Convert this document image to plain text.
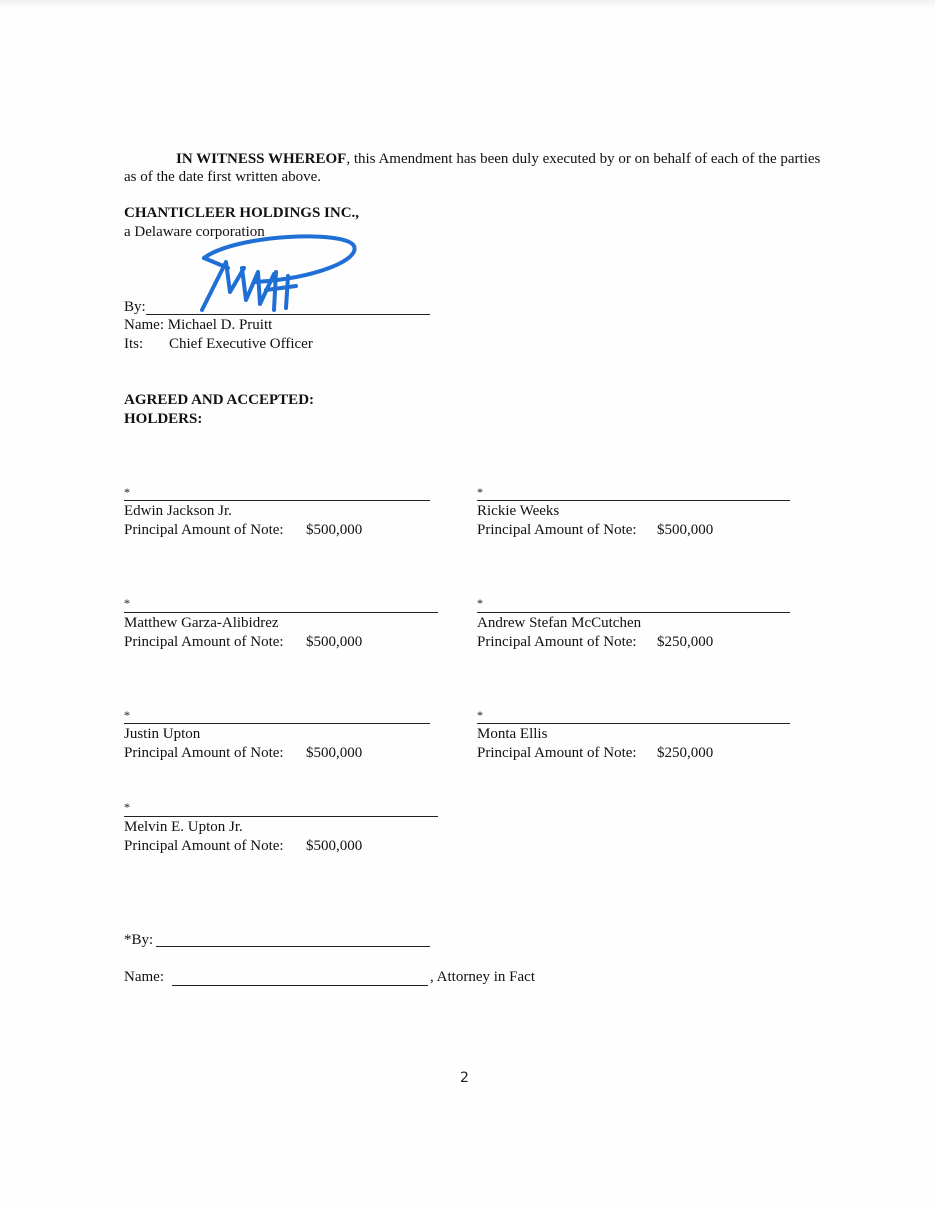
IN WITNESS WHEREOF, this Amendment has been duly executed by or on behalf of each of the parties as of the date first written above.
CHANTICLEER HOLDINGS INC.,
a Delaware corporation
By:
Name: Michael D. Pruitt
Its: Chief Executive Officer
AGREED AND ACCEPTED:
HOLDERS:
*
Edwin Jackson Jr.
Principal Amount of Note: $500,000
*
Rickie Weeks
Principal Amount of Note: $500,000
*
Matthew Garza-Alibidrez
Principal Amount of Note: $500,000
*
Andrew Stefan McCutchen
Principal Amount of Note: $250,000
*
Justin Upton
Principal Amount of Note: $500,000
*
Monta Ellis
Principal Amount of Note: $250,000
*
Melvin E. Upton Jr.
Principal Amount of Note: $500,000
*By:
Name:	, Attorney in Fact
2
